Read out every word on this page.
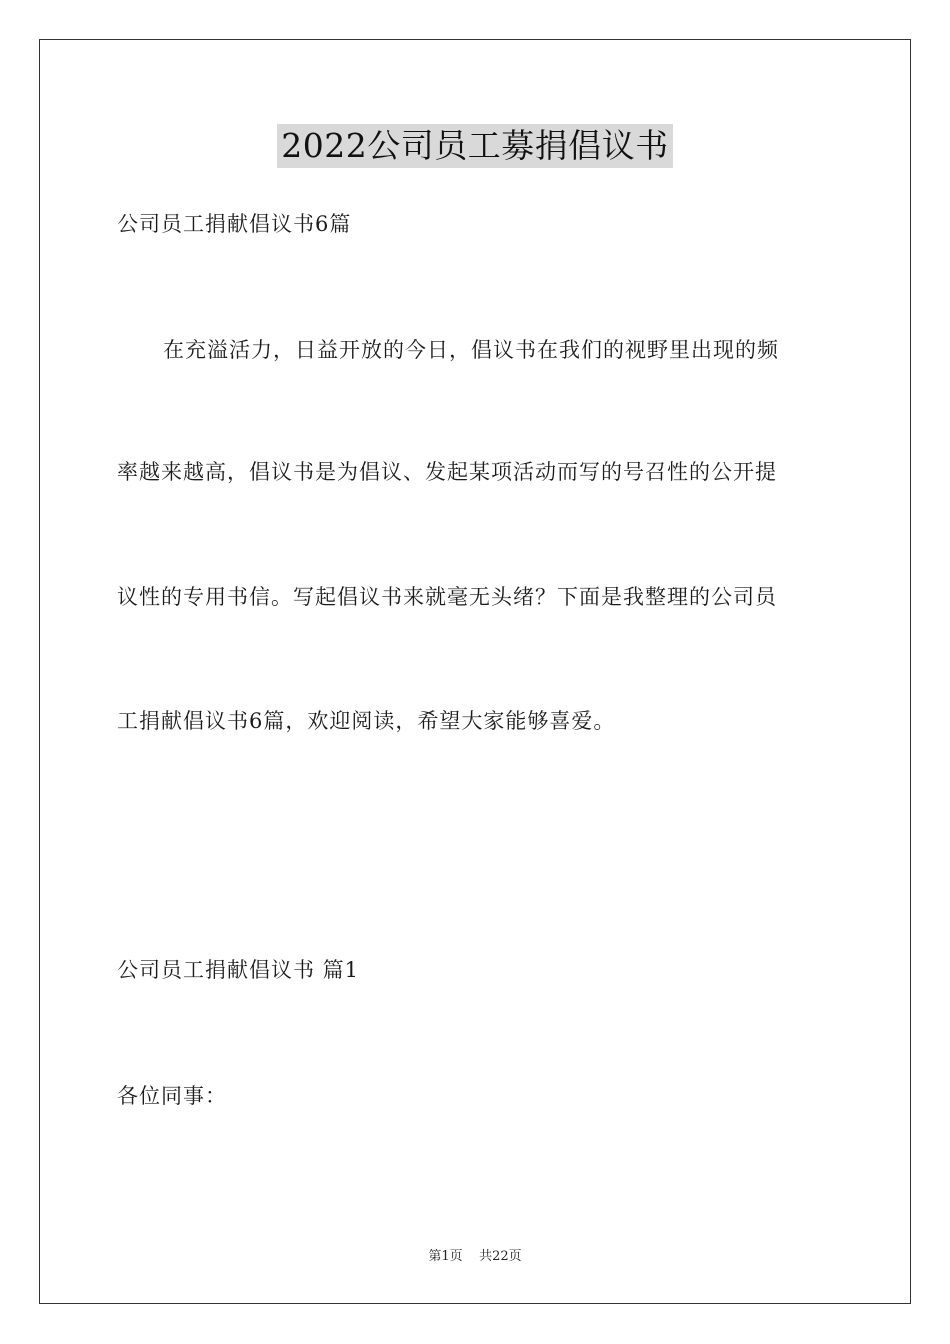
2022公司员工募捐倡议书
公司员工捐献倡议书6篇
在充溢活力，日益开放的今日，倡议书在我们的视野里出现的频
率越来越高，倡议书是为倡议、发起某项活动而写的号召性的公开提
议性的专用书信。写起倡议书来就毫无头绪？下面是我整理的公司员
工捐献倡议书6篇，欢迎阅读，希望大家能够喜爱。
公司员工捐献倡议书 篇1
各位同事：
第1页 共22页
